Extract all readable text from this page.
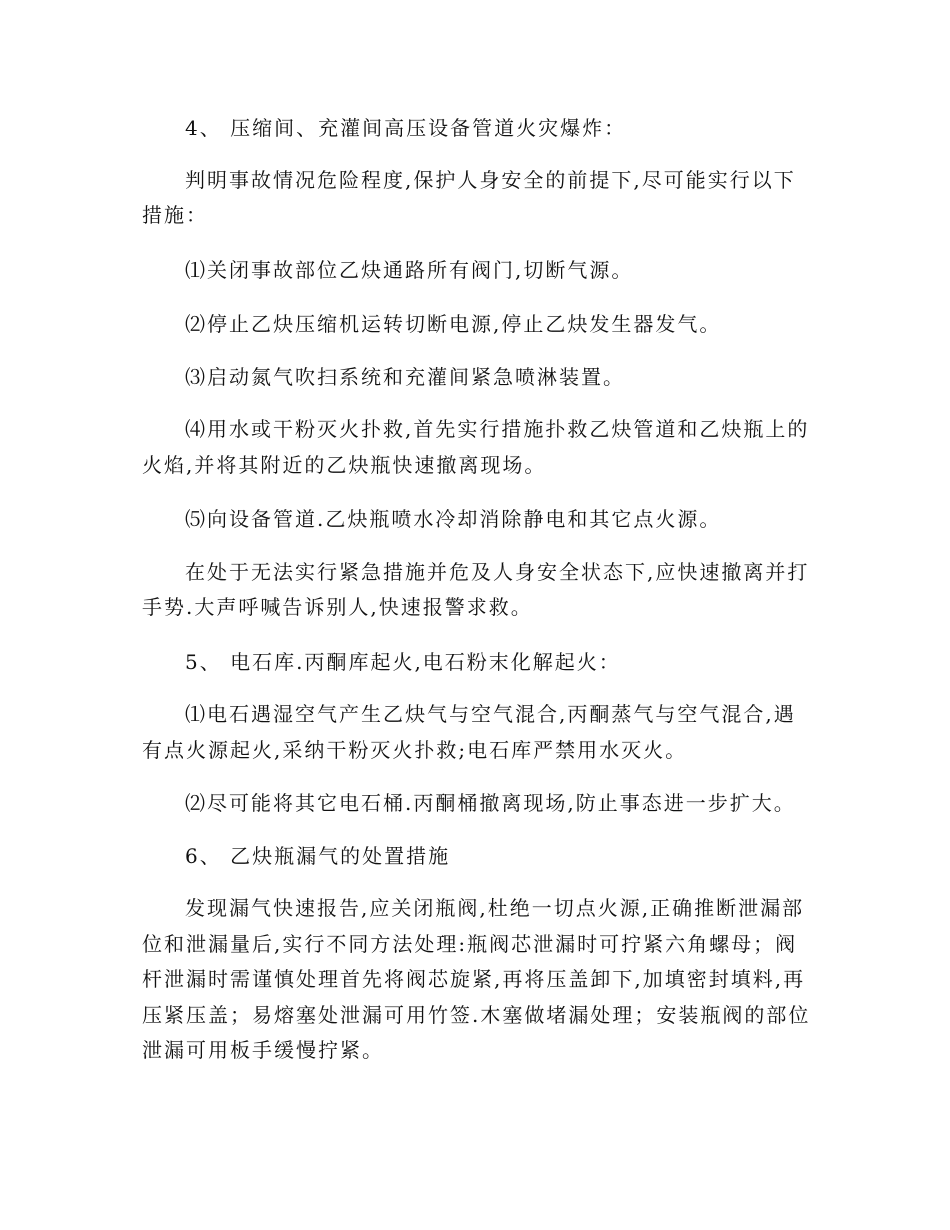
4、 压缩间、充灌间高压设备管道火灾爆炸：
判明事故情况危险程度,保护人身安全的前提下,尽可能实行以下
措施：
⑴关闭事故部位乙炔通路所有阀门,切断气源。
⑵停止乙炔压缩机运转切断电源,停止乙炔发生器发气。
⑶启动氮气吹扫系统和充灌间紧急喷淋装置。
⑷用水或干粉灭火扑救,首先实行措施扑救乙炔管道和乙炔瓶上的
火焰,并将其附近的乙炔瓶快速撤离现场。
⑸向设备管道.乙炔瓶喷水冷却消除静电和其它点火源。
在处于无法实行紧急措施并危及人身安全状态下,应快速撤离并打
手势.大声呼喊告诉别人,快速报警求救。
5、 电石库.丙酮库起火,电石粉末化解起火：
⑴电石遇湿空气产生乙炔气与空气混合,丙酮蒸气与空气混合,遇
有点火源起火,采纳干粉灭火扑救;电石库严禁用水灭火。
⑵尽可能将其它电石桶.丙酮桶撤离现场,防止事态进一步扩大。
6、 乙炔瓶漏气的处置措施
发现漏气快速报告,应关闭瓶阀,杜绝一切点火源,正确推断泄漏部
位和泄漏量后,实行不同方法处理:瓶阀芯泄漏时可拧紧六角螺母；阀
杆泄漏时需谨慎处理首先将阀芯旋紧,再将压盖卸下,加填密封填料,再
压紧压盖；易熔塞处泄漏可用竹签.木塞做堵漏处理；安装瓶阀的部位
泄漏可用板手缓慢拧紧。
